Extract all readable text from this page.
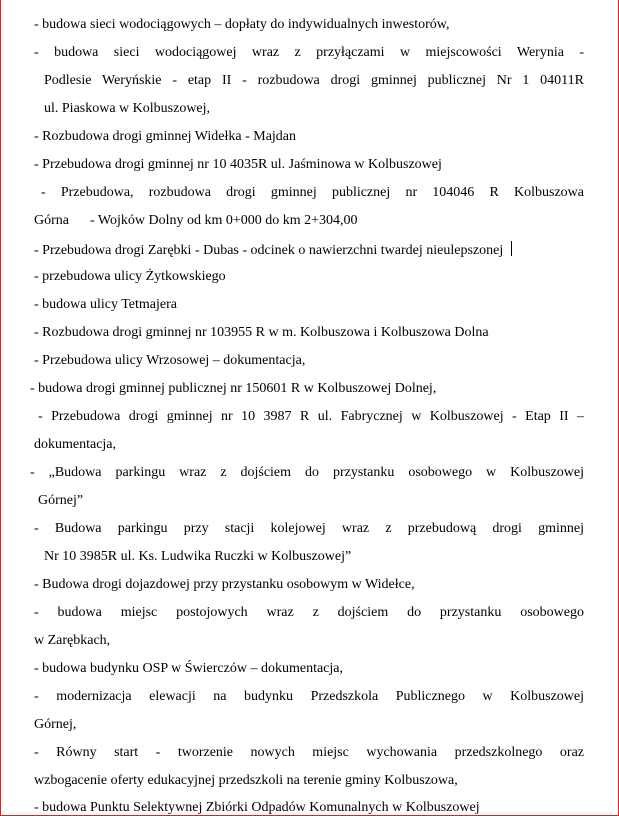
- budowa sieci wodociągowych – dopłaty do indywidualnych inwestorów,
- budowa sieci wodociągowej wraz z przyłączami w miejscowości Werynia -
Podlesie Weryńskie - etap II - rozbudowa drogi gminnej publicznej Nr 1 04011R
ul. Piaskowa w Kolbuszowej,
- Rozbudowa drogi gminnej Widełka - Majdan
- Przebudowa drogi gminnej nr 10 4035R ul. Jaśminowa w Kolbuszowej
- Przebudowa, rozbudowa drogi gminnej publicznej nr 104046 R Kolbuszowa
Górna      - Wojków Dolny od km 0+000 do km 2+304,00
- Przebudowa drogi Zarębki - Dubas - odcinek o nawierzchni twardej nieulepszonej
- przebudowa ulicy Żytkowskiego
- budowa ulicy Tetmajera
- Rozbudowa drogi gminnej nr 103955 R w m. Kolbuszowa i Kolbuszowa Dolna
- Przebudowa ulicy Wrzosowej – dokumentacja,
- budowa drogi gminnej publicznej nr 150601 R w Kolbuszowej Dolnej,
- Przebudowa drogi gminnej nr 10 3987 R ul. Fabrycznej w Kolbuszowej - Etap II –
dokumentacja,
- „Budowa parkingu wraz z dojściem do przystanku osobowego w Kolbuszowej
Górnej”
- Budowa parkingu przy stacji kolejowej wraz z przebudową drogi gminnej
Nr 10 3985R ul. Ks. Ludwika Ruczki w Kolbuszowej”
- Budowa drogi dojazdowej przy przystanku osobowym w Widełce,
- budowa miejsc postojowych wraz z dojściem do przystanku osobowego
w Zarębkach,
- budowa budynku OSP w Świerczów – dokumentacja,
- modernizacja elewacji na budynku Przedszkola Publicznego w Kolbuszowej
Górnej,
- Równy start - tworzenie nowych miejsc wychowania przedszkolnego oraz
wzbogacenie oferty edukacyjnej przedszkoli na terenie gminy Kolbuszowa,
- budowa Punktu Selektywnej Zbiórki Odpadów Komunalnych w Kolbuszowej
